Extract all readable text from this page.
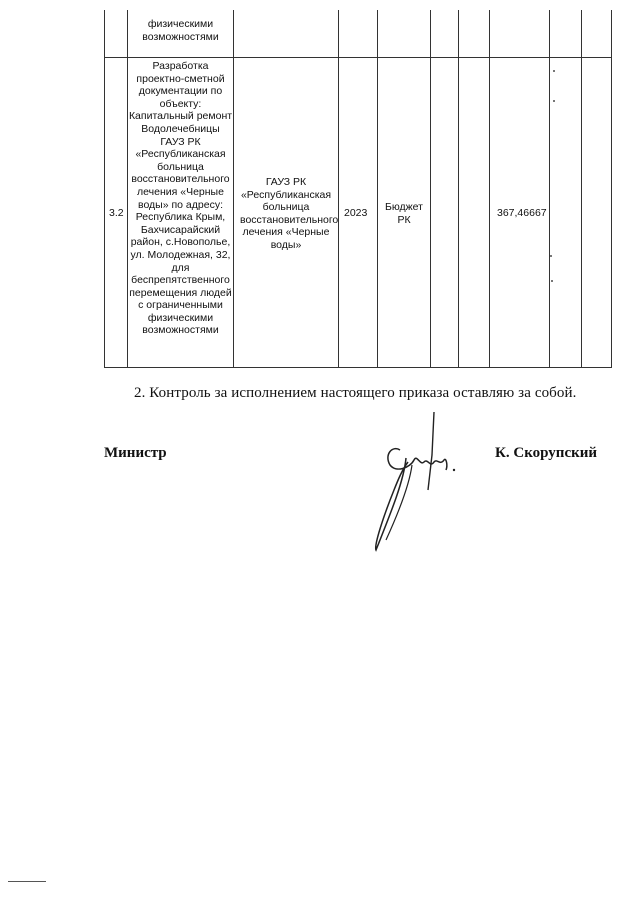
физическими возможностями
3.2
Разработка проектно-сметной документации по объекту: Капитальный ремонт Водолечебницы ГАУЗ РК «Республиканская больница восстановительного лечения «Черные воды» по адресу: Республика Крым, Бахчисарайский район, с.Новополье, ул. Молодежная, 32, для беспрепятственного перемещения людей с ограниченными физическими возможностями
ГАУЗ РК «Республиканская больница восстановительного лечения «Черные воды»
2023	Бюджет РК
367,46667
2. Контроль за исполнением настоящего приказа оставляю за собой.
Министр	К. Скорупский
